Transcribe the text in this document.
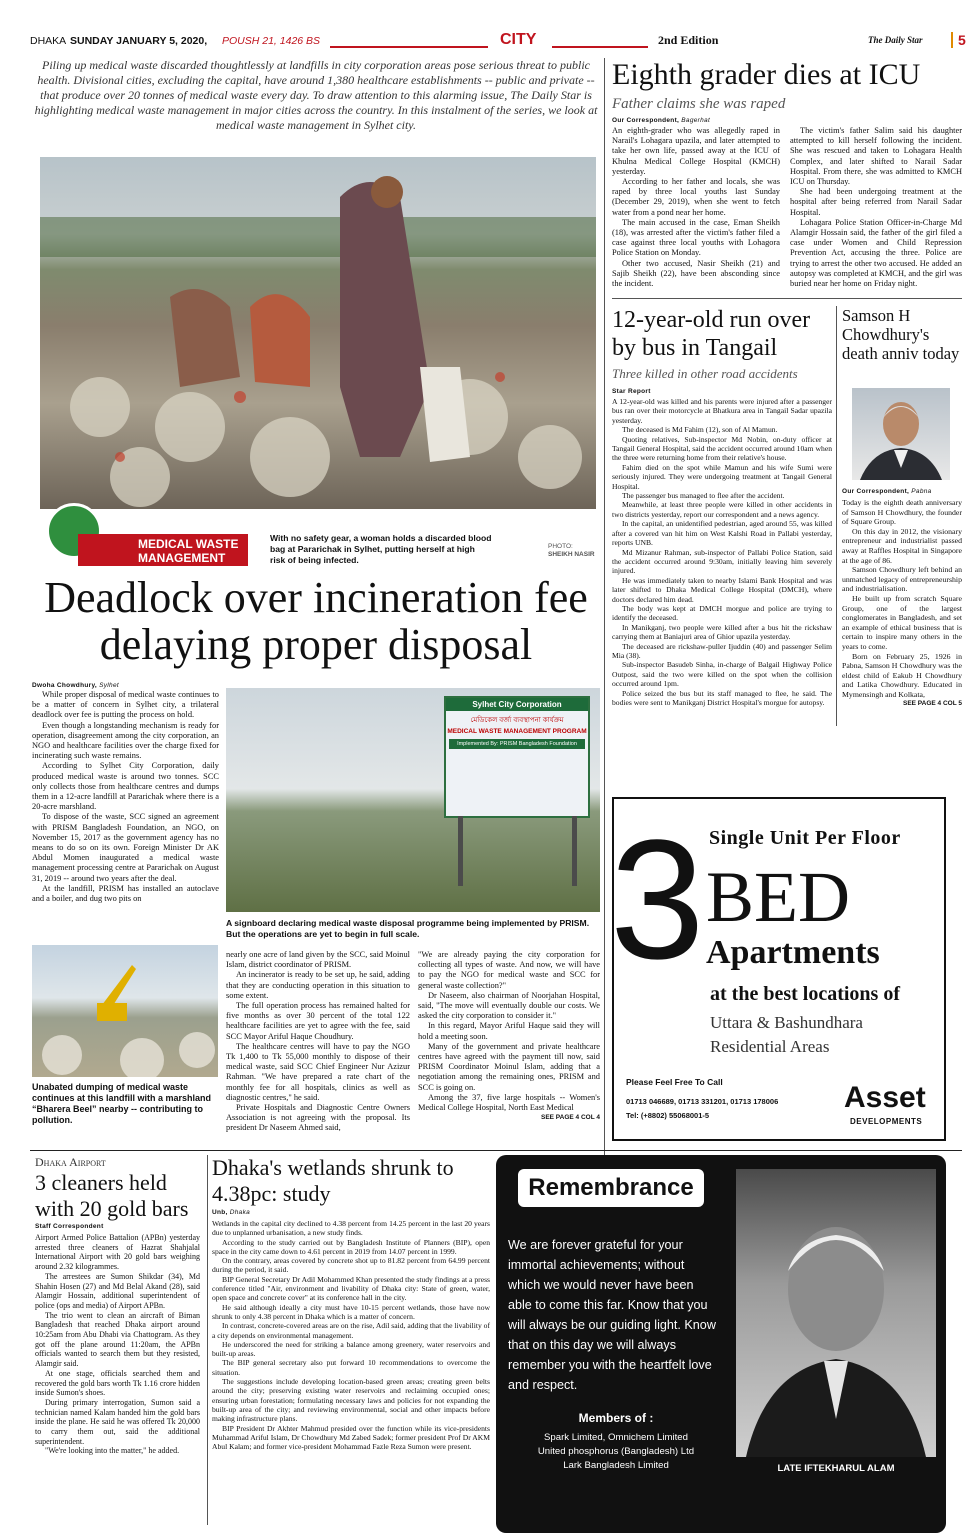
DHAKA SUNDAY JANUARY 5, 2020, POUSH 21, 1426 BS	CITY	2nd Edition	The Daily Star	5
Piling up medical waste discarded thoughtlessly at landfills in city corporation areas pose serious threat to public health. Divisional cities, excluding the capital, have around 1,380 healthcare establishments -- public and private -- that produce over 20 tonnes of medical waste every day. To draw attention to this alarming issue, The Daily Star is highlighting medical waste management in major cities across the country. In this instalment of the series, we look at medical waste management in Sylhet city.
MEDICAL WASTE MANAGEMENT
With no safety gear, a woman holds a discarded blood bag at Pararichak in Sylhet, putting herself at high risk of being infected.
PHOTO:
SHEIKH NASIR
Deadlock over incineration fee delaying proper disposal
Dwoha Chowdhury, Sylhet

While proper disposal of medical waste continues to be a matter of concern in Sylhet city, a trilateral deadlock over fee is putting the process on hold.

Even though a longstanding mechanism is ready for operation, disagreement among the city corporation, an NGO and healthcare facilities over the charge fixed for incinerating such waste remains.

According to Sylhet City Corporation, daily produced medical waste is around two tonnes. SCC only collects those from healthcare centres and dumps them in a 12-acre landfill at Pararichak where there is a 20-acre marshland.

To dispose of the waste, SCC signed an agreement with PRISM Bangladesh Foundation, an NGO, on November 15, 2017 as the government agency has no means to do so on its own. Foreign Minister Dr AK Abdul Momen inaugurated a medical waste management processing centre at Pararichak on August 31, 2019 -- around two years after the deal.

At the landfill, PRISM has installed an autoclave and a boiler, and dug two pits on

Sylhet City Corporation
মেডিকেল বর্জ্য ব্যবস্থাপনা কার্যক্রম
MEDICAL WASTE MANAGEMENT PROGRAM
Implemented By: PRISM Bangladesh Foundation
A signboard declaring medical waste disposal programme being implemented by PRISM. But the operations are yet to begin in full scale.
Unabated dumping of medical waste continues at this landfill with a marshland “Bharera Beel” nearby -- contributing to pollution.

nearly one acre of land given by the SCC, said Moinul Islam, district coordinator of PRISM.

An incinerator is ready to be set up, he said, adding that they are conducting operation in this situation to some extent.

The full operation process has remained halted for five months as over 30 percent of the total 122 healthcare facilities are yet to agree with the fee, said SCC Mayor Ariful Haque Choudhury.

The healthcare centres will have to pay the NGO Tk 1,400 to Tk 55,000 monthly to dispose of their medical waste, said SCC Chief Engineer Nur Azizur Rahman. "We have prepared a rate chart of the monthly fee for all hospitals, clinics as well as diagnostic centres," he said.

Private Hospitals and Diagnostic Centre Owners Association is not agreeing with the proposal. Its president Dr Naseem Ahmed said,

"We are already paying the city corporation for collecting all types of waste. And now, we will have to pay the NGO for medical waste and SCC for general waste collection?"

Dr Naseem, also chairman of Noorjahan Hospital, said, "The move will eventually double our costs. We asked the city corporation to consider it."

In this regard, Mayor Ariful Haque said they will hold a meeting soon.

Many of the government and private healthcare centres have agreed with the payment till now, said PRISM Coordinator Moinul Islam, adding that a negotiation among the remaining ones, PRISM and SCC is going on.

Among the 37, five large hospitals -- Women's Medical College Hospital, North East Medical

SEE PAGE 4 COL 4
Eighth grader dies at ICU
Father claims she was raped
Our Correspondent, Bagerhat

An eighth-grader who was allegedly raped in Narail's Lohagara upazila, and later attempted to take her own life, passed away at the ICU of Khulna Medical College Hospital (KMCH) yesterday.

According to her father and locals, she was raped by three local youths last Sunday (December 29, 2019), when she went to fetch water from a pond near her home.

The main accused in the case, Eman Sheikh (18), was arrested after the victim's father filed a case against three local youths with Lohagora Police Station on Monday.

Other two accused, Nasir Sheikh (21) and Sajib Sheikh (22), have been absconding since the incident.

The victim's father Salim said his daughter attempted to kill herself following the incident. She was rescued and taken to Lohagara Health Complex, and later shifted to Narail Sadar Hospital. From there, she was admitted to KMCH ICU on Thursday.

She had been undergoing treatment at the hospital after being referred from Narail Sadar Hospital.

Lohagara Police Station Officer-in-Charge Md Alamgir Hossain said, the father of the girl filed a case under Women and Child Repression Prevention Act, accusing the three. Police are trying to arrest the other two accused. He added an autopsy was completed at KMCH, and the girl was buried near her home on Friday night.

12-year-old run over by bus in Tangail
Three killed in other road accidents
Star Report

A 12-year-old was killed and his parents were injured after a passenger bus ran over their motorcycle at Bhatkura area in Tangail Sadar upazila yesterday.

The deceased is Md Fahim (12), son of Al Mamun.

Quoting relatives, Sub-inspector Md Nobin, on-duty officer at Tangail General Hospital, said the accident occurred around 10am when the three were returning home from their relative's house.

Fahim died on the spot while Mamun and his wife Sumi were seriously injured. They were undergoing treatment at Tangail General Hospital.

The passenger bus managed to flee after the accident.

Meanwhile, at least three people were killed in other accidents in two districts yesterday, report our correspondent and a news agency.

In the capital, an unidentified pedestrian, aged around 55, was killed after a covered van hit him on West Kalshi Road in Pallabi yesterday, reports UNB.

Md Mizanur Rahman, sub-inspector of Pallabi Police Station, said the accident occurred around 9:30am, initially leaving him severely injured.

He was immediately taken to nearby Islami Bank Hospital and was later shifted to Dhaka Medical College Hospital (DMCH), where doctors declared him dead.

The body was kept at DMCH morgue and police are trying to identify the deceased.

In Manikganj, two people were killed after a bus hit the rickshaw carrying them at Baniajuri area of Ghior upazila yesterday.

The deceased are rickshaw-puller Ijuddin (40) and passenger Selim Mia (38).

Sub-inspector Basudeb Sinha, in-charge of Balgail Highway Police Outpost, said the two were killed on the spot when the collision occurred around 1pm.

Police seized the bus but its staff managed to flee, he said. The bodies were sent to Manikganj District Hospital's morgue for autopsy.

Samson H Chowdhury's death anniv today
Our Correspondent, Pabna

Today is the eighth death anniversary of Samson H Chowdhury, the founder of Square Group.

On this day in 2012, the visionary entrepreneur and industrialist passed away at Raffles Hospital in Singapore at the age of 86.

Samson Chowdhury left behind an unmatched legacy of entrepreneurship and industrialisation.

He built up from scratch Square Group, one of the largest conglomerates in Bangladesh, and set an example of ethical business that is certain to inspire many others in the years to come.

Born on February 25, 1926 in Pabna, Samson H Chowdhury was the eldest child of Eakub H Chowdhury and Latika Chowdhury. Educated in Mymensingh and Kolkata,

SEE PAGE 4 COL 5
Single Unit Per Floor
3 BED
Apartments
at the best locations of
Uttara & Bashundhara
Residential Areas
Please Feel Free To Call
01713 046689, 01713 331201, 01713 178006
Tel: (+8802) 55068001-5
Asset
DEVELOPMENTS
Dhaka Airport
3 cleaners held with 20 gold bars
Staff Correspondent

Airport Armed Police Battalion (APBn) yesterday arrested three cleaners of Hazrat Shahjalal International Airport with 20 gold bars weighing around 2.32 kilogrammes.

The arrestees are Sumon Shikdar (34), Md Shahin Hosen (27) and Md Belal Akand (28), said Alamgir Hossain, additional superintendent of police (ops and media) of Airport APBn.

The trio went to clean an aircraft of Biman Bangladesh that reached Dhaka airport around 10:25am from Abu Dhabi via Chattogram. As they got off the plane around 11:20am, the APBn officials wanted to search them but they resisted, Alamgir said.

At one stage, officials searched them and recovered the gold bars worth Tk 1.16 crore hidden inside Sumon's shoes.

During primary interrogation, Sumon said a technician named Kalam handed him the gold bars inside the plane. He said he was offered Tk 20,000 to carry them out, said the additional superintendent.

"We're looking into the matter," he added.

Dhaka's wetlands shrunk to 4.38pc: study
Unb, Dhaka

Wetlands in the capital city declined to 4.38 percent from 14.25 percent in the last 20 years due to unplanned urbanisation, a new study finds.

According to the study carried out by Bangladesh Institute of Planners (BIP), open space in the city came down to 4.61 percent in 2019 from 14.07 percent in 1999.

On the contrary, areas covered by concrete shot up to 81.82 percent from 64.99 percent during the period, it said.

BIP General Secretary Dr Adil Mohammed Khan presented the study findings at a press conference titled "Air, environment and livability of Dhaka city: State of green, water, open space and concrete cover" at its conference hall in the city.

He said although ideally a city must have 10-15 percent wetlands, those have now shrunk to only 4.38 percent in Dhaka which is a matter of concern.

In contrast, concrete-covered areas are on the rise, Adil said, adding that the livability of a city depends on environmental management.

He underscored the need for striking a balance among greenery, water reservoirs and built-up areas.

The BIP general secretary also put forward 10 recommendations to overcome the situation.

The suggestions include developing location-based green areas; creating green belts around the city; preserving existing water reservoirs and reclaiming occupied ones; ensuring urban forestation; formulating necessary laws and policies for not expanding the built-up area of the city; and reviewing environmental, social and other impacts before making infrastructure plans.

BIP President Dr Akhter Mahmud presided over the function while its vice-presidents Muhammad Ariful Islam, Dr Chowdhury Md Zabed Sadek; former president Prof Dr AKM Abul Kalam; and former vice-president Mohammad Fazle Reza Sumon were present.

Remembrance
We are forever grateful for your immortal achievements; without which we would never have been able to come this far. Know that you will always be our guiding light. Know that on this day we will always remember you with the heartfelt love and respect.
Members of :
Spark Limited, Omnichem Limited
United phosphorus (Bangladesh) Ltd
Lark Bangladesh Limited	LATE IFTEKHARUL ALAM
